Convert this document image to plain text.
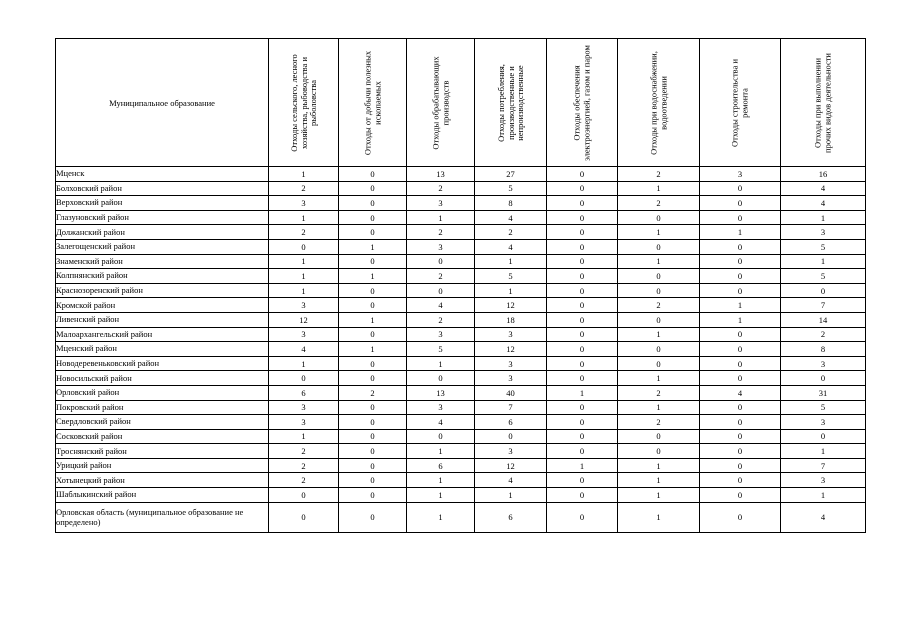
Муниципальное образование	Отходы сельского, лесного хозяйства, рыбоводства и рыболовства	Отходы от добычи полезных ископаемых	Отходы обрабатывающих производств	Отходы потребления, производственные и непроизводственные	Отходы обеспечения электроэнергией, газом и паром	Отходы при водоснабжении, водоотведении	Отходы строительства и ремонта	Отходы при выполнении прочих видов деятельности

Мценск	1	0	13	27	0	2	3	16
Болховский район	2	0	2	5	0	1	0	4
Верховский район	3	0	3	8	0	2	0	4
Глазуновский район	1	0	1	4	0	0	0	1
Должанский район	2	0	2	2	0	1	1	3
Залегощенский район	0	1	3	4	0	0	0	5
Знаменский район	1	0	0	1	0	1	0	1
Колпнянский район	1	1	2	5	0	0	0	5
Краснозоренский район	1	0	0	1	0	0	0	0
Кромской район	3	0	4	12	0	2	1	7
Ливенский район	12	1	2	18	0	0	1	14
Малоархангельский район	3	0	3	3	0	1	0	2
Мценский район	4	1	5	12	0	0	0	8
Новодеревеньковский район	1	0	1	3	0	0	0	3
Новосильский район	0	0	0	3	0	1	0	0
Орловский район	6	2	13	40	1	2	4	31
Покровский район	3	0	3	7	0	1	0	5
Свердловский район	3	0	4	6	0	2	0	3
Сосковский район	1	0	0	0	0	0	0	0
Троснянский район	2	0	1	3	0	0	0	1
Урицкий район	2	0	6	12	1	1	0	7
Хотынецкий район	2	0	1	4	0	1	0	3
Шаблыкинский район	0	0	1	1	0	1	0	1
Орловская область (муниципальное образование не определено)	0	0	1	6	0	1	0	4
